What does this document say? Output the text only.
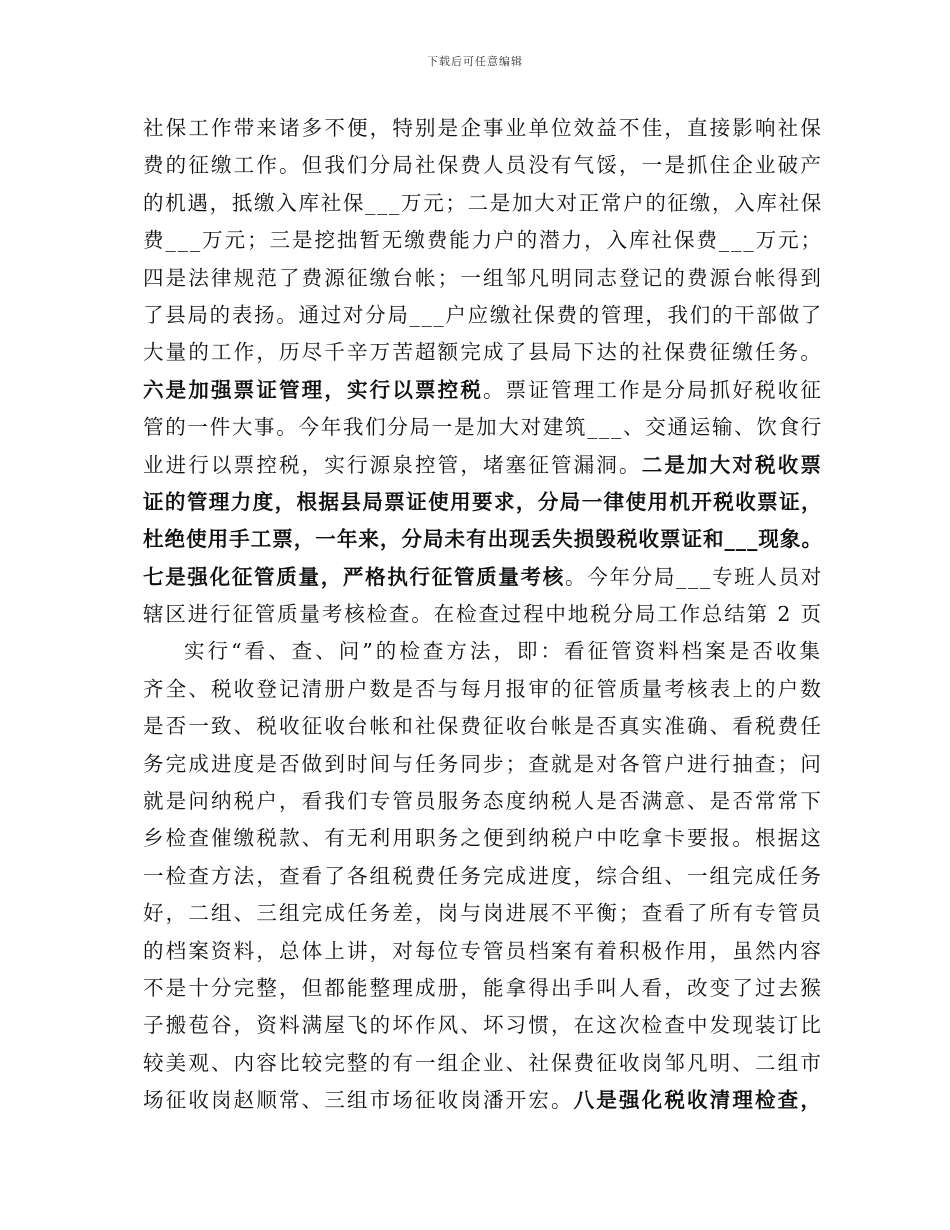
下载后可任意编辑
社保工作带来诸多不便，特别是企事业单位效益不佳，直接影响社保
费的征缴工作。但我们分局社保费人员没有气馁，一是抓住企业破产
的机遇，抵缴入库社保___万元；二是加大对正常户的征缴，入库社保
费___万元；三是挖拙暂无缴费能力户的潜力，入库社保费___万元；
四是法律规范了费源征缴台帐；一组邹凡明同志登记的费源台帐得到
了县局的表扬。通过对分局___户应缴社保费的管理，我们的干部做了
大量的工作，历尽千辛万苦超额完成了县局下达的社保费征缴任务。
六是加强票证管理，实行以票控税。票证管理工作是分局抓好税收征
管的一件大事。今年我们分局一是加大对建筑___、交通运输、饮食行
业进行以票控税，实行源泉控管，堵塞征管漏洞。二是加大对税收票
证的管理力度，根据县局票证使用要求，分局一律使用机开税收票证，
杜绝使用手工票，一年来，分局未有出现丢失损毁税收票证和___现象。
七是强化征管质量，严格执行征管质量考核。今年分局___专班人员对
辖区进行征管质量考核检查。在检查过程中地税分局工作总结第 2 页
实行“看、查、问”的检查方法，即：看征管资料档案是否收集
齐全、税收登记清册户数是否与每月报审的征管质量考核表上的户数
是否一致、税收征收台帐和社保费征收台帐是否真实准确、看税费任
务完成进度是否做到时间与任务同步；查就是对各管户进行抽查；问
就是问纳税户，看我们专管员服务态度纳税人是否满意、是否常常下
乡检查催缴税款、有无利用职务之便到纳税户中吃拿卡要报。根据这
一检查方法，查看了各组税费任务完成进度，综合组、一组完成任务
好，二组、三组完成任务差，岗与岗进展不平衡；查看了所有专管员
的档案资料，总体上讲，对每位专管员档案有着积极作用，虽然内容
不是十分完整，但都能整理成册，能拿得出手叫人看，改变了过去猴
子搬苞谷，资料满屋飞的坏作风、坏习惯，在这次检查中发现装订比
较美观、内容比较完整的有一组企业、社保费征收岗邹凡明、二组市
场征收岗赵顺常、三组市场征收岗潘开宏。八是强化税收清理检查，
